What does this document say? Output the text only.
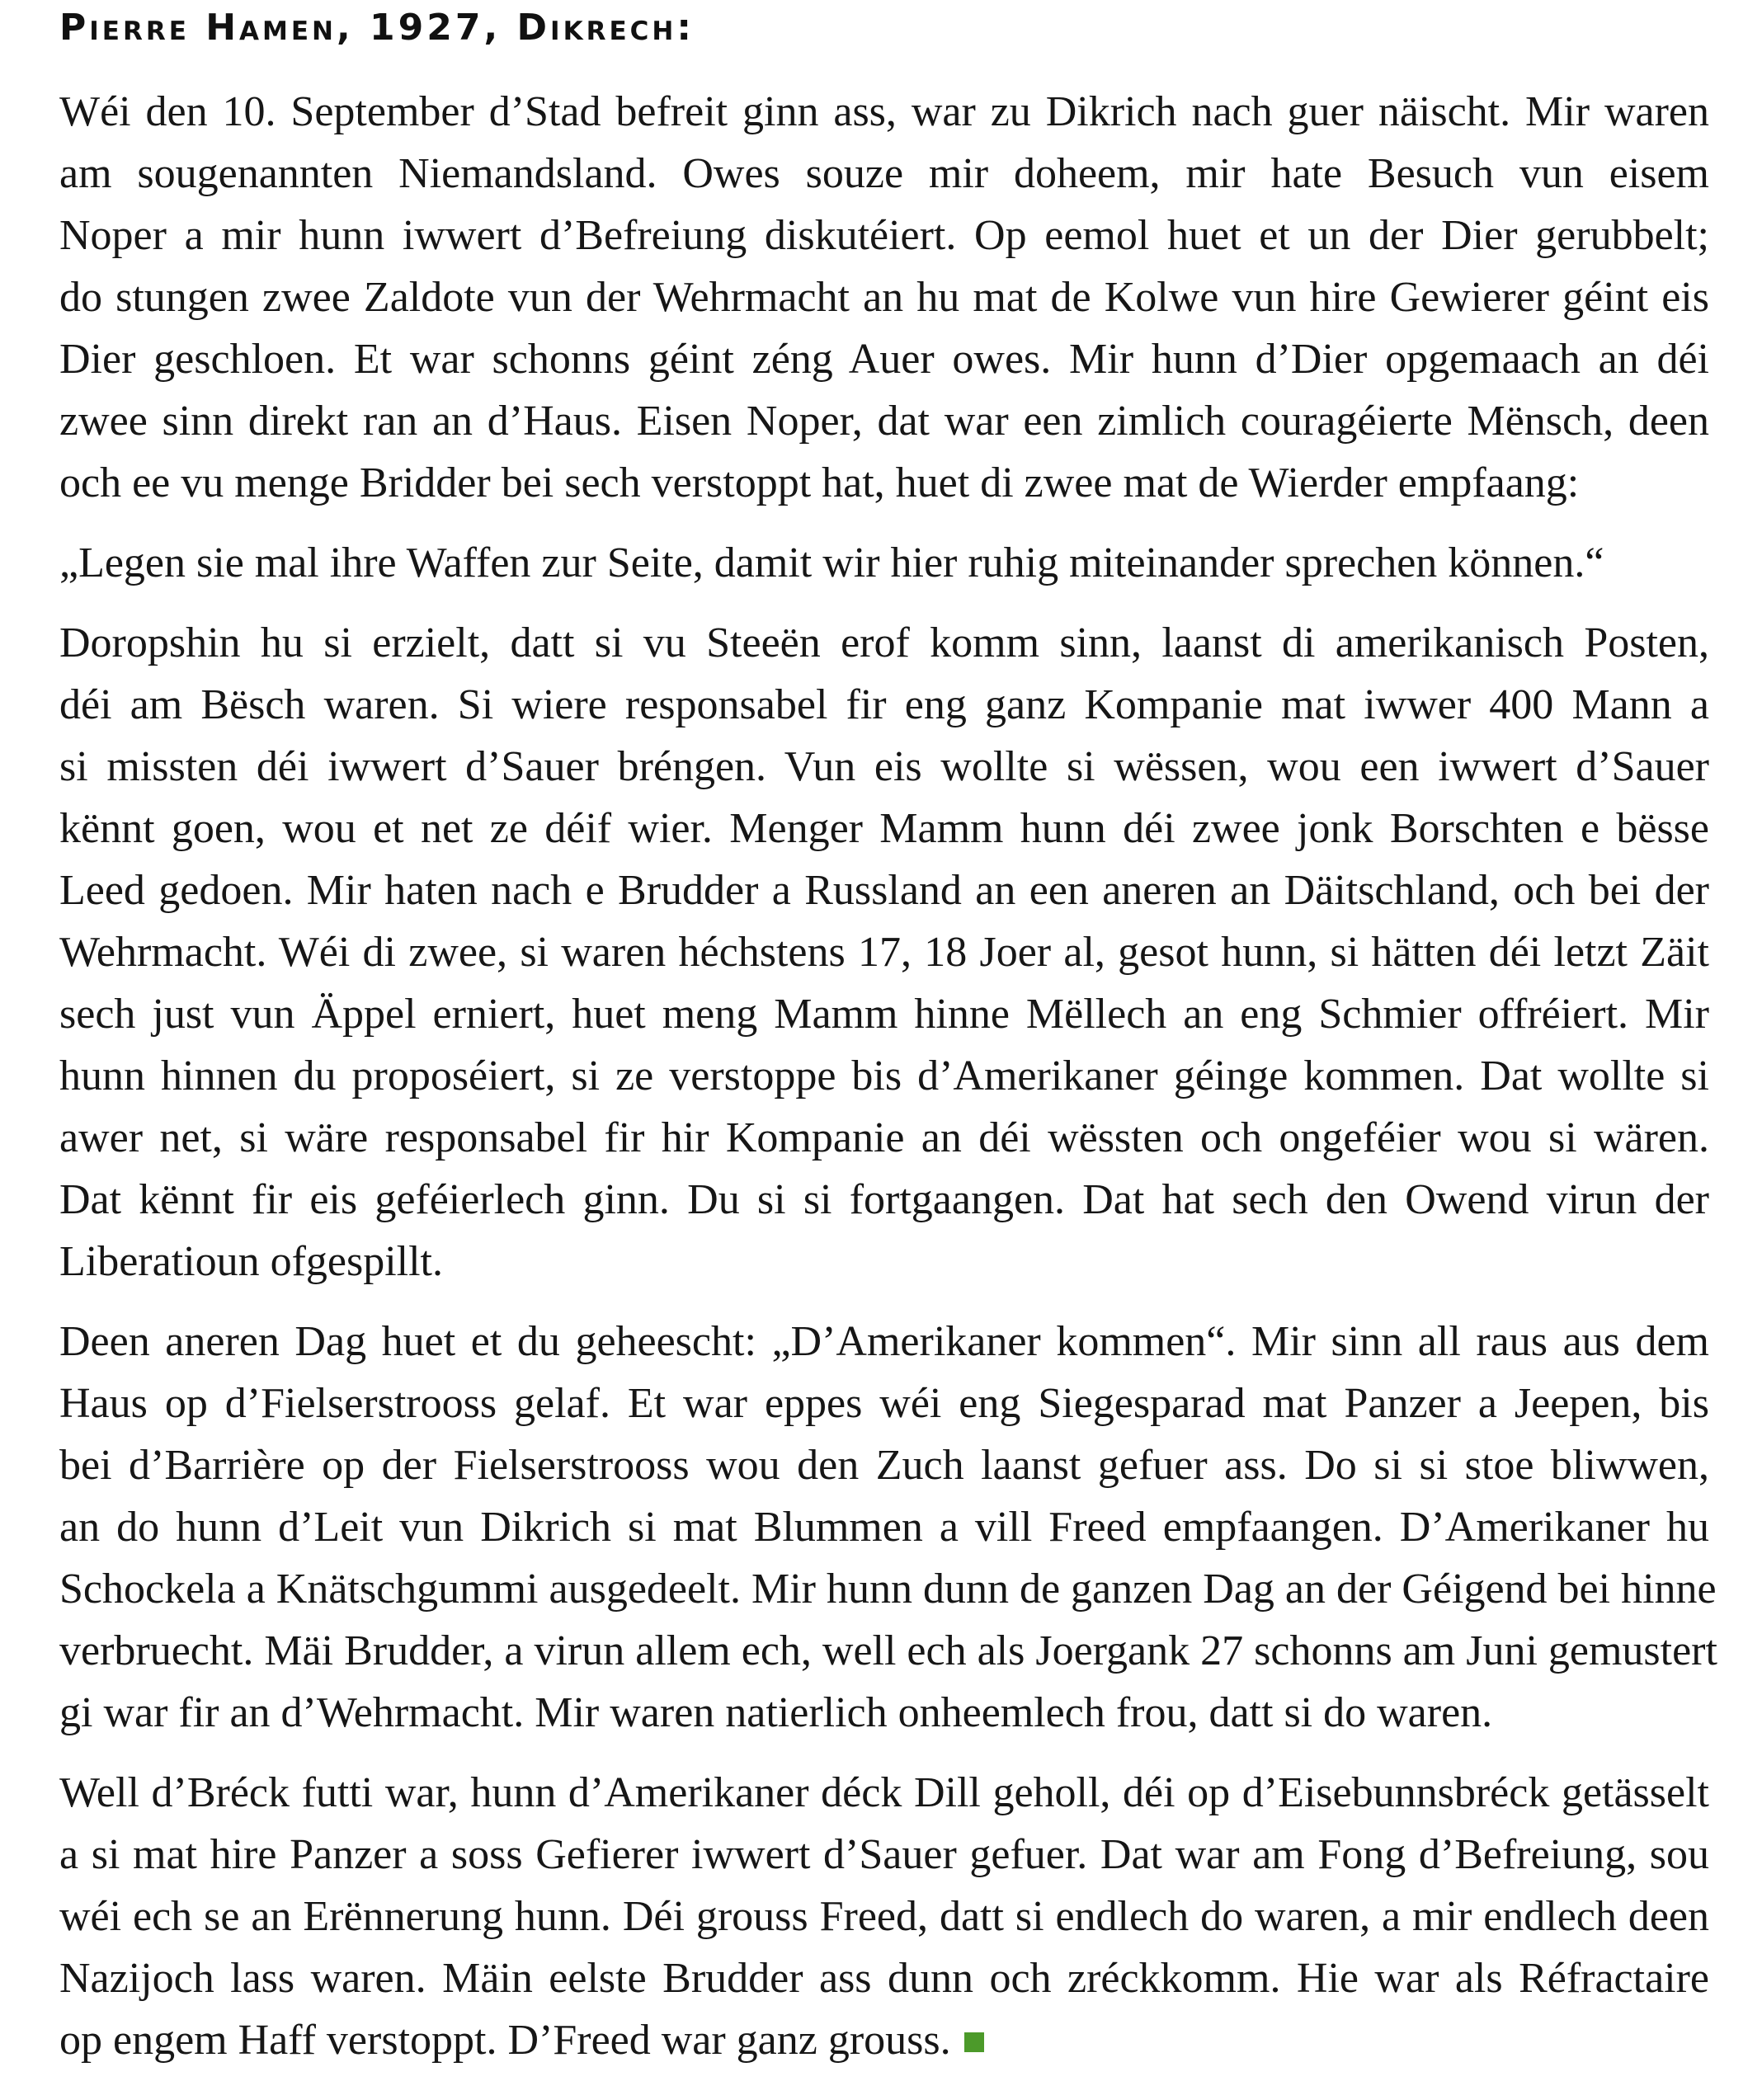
Pierre Hamen, 1927, Dikrech:

Wéi den 10. September d’Stad befreit ginn ass, war zu Dikrich nach guer näischt. Mir waren
am sougenannten Niemandsland. Owes souze mir doheem, mir hate Besuch vun eisem
Noper a mir hunn iwwert d’Befreiung diskutéiert. Op eemol huet et un der Dier gerubbelt;
do stungen zwee Zaldote vun der Wehrmacht an hu mat de Kolwe vun hire Gewierer géint eis
Dier geschloen. Et war schonns géint zéng Auer owes. Mir hunn d’Dier opgemaach an déi
zwee sinn direkt ran an d’Haus. Eisen Noper, dat war een zimlich couragéierte Mënsch, deen
och ee vu menge Bridder bei sech verstoppt hat, huet di zwee mat de Wierder empfaang:

„Legen sie mal ihre Waffen zur Seite, damit wir hier ruhig miteinander sprechen können.“

Doropshin hu si erzielt, datt si vu Steeën erof komm sinn, laanst di amerikanisch Posten,
déi am Bësch waren. Si wiere responsabel fir eng ganz Kompanie mat iwwer 400 Mann a
si missten déi iwwert d’Sauer bréngen. Vun eis wollte si wëssen, wou een iwwert d’Sauer
kënnt goen, wou et net ze déif wier. Menger Mamm hunn déi zwee jonk Borschten e bësse
Leed gedoen. Mir haten nach e Brudder a Russland an een aneren an Däitschland, och bei der
Wehrmacht. Wéi di zwee, si waren héchstens 17, 18 Joer al, gesot hunn, si hätten déi letzt Zäit
sech just vun Äppel erniert, huet meng Mamm hinne Mëllech an eng Schmier offréiert. Mir
hunn hinnen du proposéiert, si ze verstoppe bis d’Amerikaner géinge kommen. Dat wollte si
awer net, si wäre responsabel fir hir Kompanie an déi wëssten och ongeféier wou si wären.
Dat kënnt fir eis geféierlech ginn. Du si si fortgaangen. Dat hat sech den Owend virun der
Liberatioun ofgespillt.

Deen aneren Dag huet et du geheescht: „D’Amerikaner kommen“. Mir sinn all raus aus dem
Haus op d’Fielserstrooss gelaf. Et war eppes wéi eng Siegesparad mat Panzer a Jeepen, bis
bei d’Barrière op der Fielserstrooss wou den Zuch laanst gefuer ass. Do si si stoe bliwwen,
an do hunn d’Leit vun Dikrich si mat Blummen a vill Freed empfaangen. D’Amerikaner hu
Schockela a Knätschgummi ausgedeelt. Mir hunn dunn de ganzen Dag an der Géigend bei hinne
verbruecht. Mäi Brudder, a virun allem ech, well ech als Joergank 27 schonns am Juni gemustert
gi war fir an d’Wehrmacht. Mir waren natierlich onheemlech frou, datt si do waren.

Well d’Bréck futti war, hunn d’Amerikaner déck Dill geholl, déi op d’Eisebunnsbréck getässelt
a si mat hire Panzer a soss Gefierer iwwert d’Sauer gefuer. Dat war am Fong d’Befreiung, sou
wéi ech se an Erënnerung hunn. Déi grouss Freed, datt si endlech do waren, a mir endlech deen
Nazijoch lass waren. Mäin eelste Brudder ass dunn och zréckkomm. Hie war als Réfractaire
op engem Haff verstoppt. D’Freed war ganz grouss.
